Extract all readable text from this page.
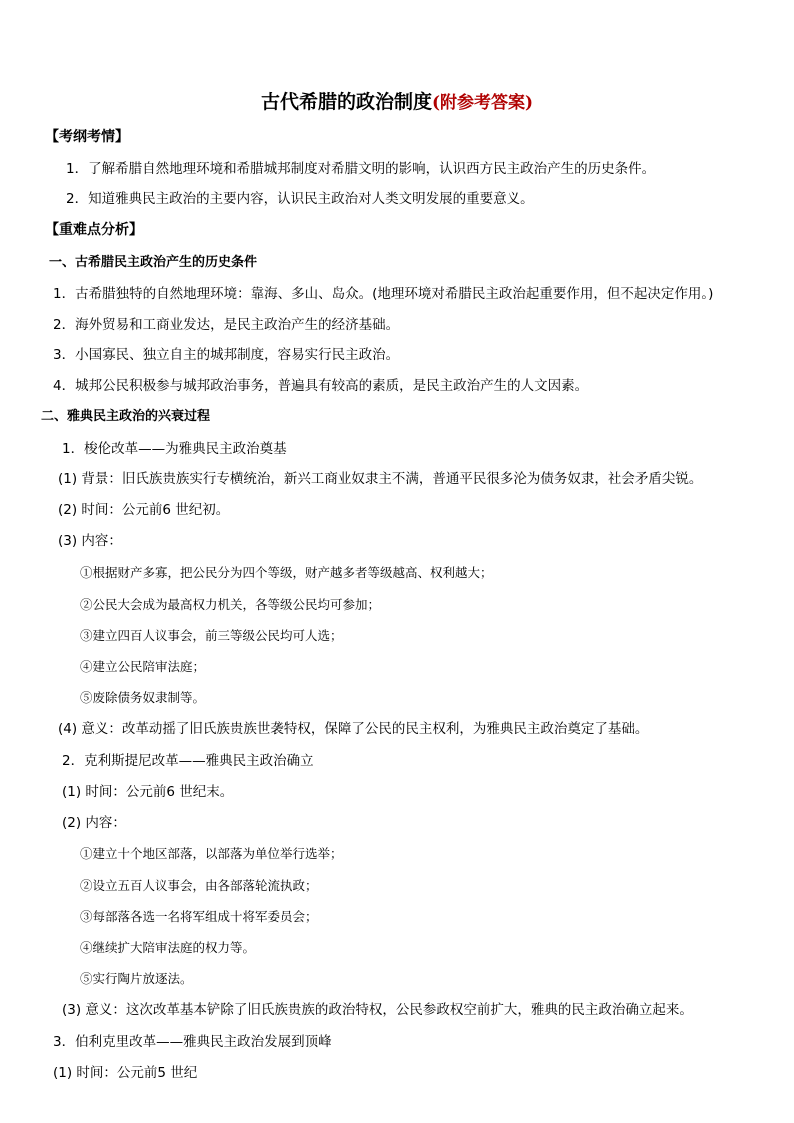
古代希腊的政治制度(附参考答案)
【考纲考情】
1．了解希腊自然地理环境和希腊城邦制度对希腊文明的影响，认识西方民主政治产生的历史条件。
2．知道雅典民主政治的主要内容，认识民主政治对人类文明发展的重要意义。
【重难点分析】
一、古希腊民主政治产生的历史条件
1．古希腊独特的自然地理环境：靠海、多山、岛众。(地理环境对希腊民主政治起重要作用，但不起决定作用。)
2．海外贸易和工商业发达，是民主政治产生的经济基础。
3．小国寡民、独立自主的城邦制度，容易实行民主政治。
4．城邦公民积极参与城邦政治事务，普遍具有较高的素质，是民主政治产生的人文因素。
二、雅典民主政治的兴衰过程
1．梭伦改革——为雅典民主政治奠基
(1) 背景：旧氏族贵族实行专横统治，新兴工商业奴隶主不满，普通平民很多沦为债务奴隶，社会矛盾尖锐。
(2) 时间：公元前6 世纪初。
(3) 内容：
①根据财产多寡，把公民分为四个等级，财产越多者等级越高、权利越大；
②公民大会成为最高权力机关，各等级公民均可参加；
③建立四百人议事会，前三等级公民均可人选；
④建立公民陪审法庭；
⑤废除债务奴隶制等。
(4) 意义：改革动摇了旧氏族贵族世袭特权，保障了公民的民主权利，为雅典民主政治奠定了基础。
2．克利斯提尼改革——雅典民主政治确立
(1) 时间：公元前6 世纪末。
(2) 内容：
①建立十个地区部落，以部落为单位举行选举；
②设立五百人议事会，由各部落轮流执政；
③每部落各选一名将军组成十将军委员会；
④继续扩大陪审法庭的权力等。
⑤实行陶片放逐法。
(3) 意义：这次改革基本铲除了旧氏族贵族的政治特权，公民参政权空前扩大，雅典的民主政治确立起来。
3．伯利克里改革——雅典民主政治发展到顶峰
(1) 时间：公元前5 世纪
